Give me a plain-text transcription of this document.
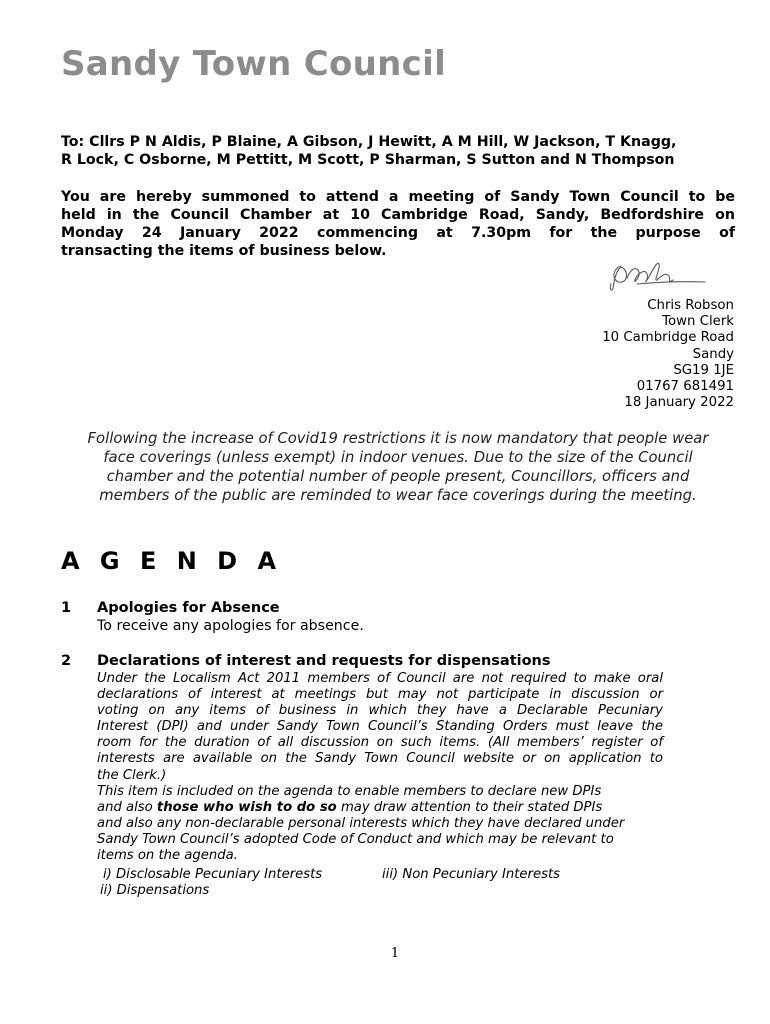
Sandy Town Council
To: Cllrs P N Aldis, P Blaine, A Gibson, J Hewitt, A M Hill, W Jackson, T Knagg,
R Lock, C Osborne, M Pettitt, M Scott, P Sharman, S Sutton and N Thompson
You are hereby summoned to attend a meeting of Sandy Town Council to be
held in the Council Chamber at 10 Cambridge Road, Sandy, Bedfordshire on
Monday 24 January 2022 commencing at 7.30pm for the purpose of
transacting the items of business below.
Chris Robson
Town Clerk
10 Cambridge Road
Sandy
SG19 1JE
01767 681491
18 January 2022
Following the increase of Covid19 restrictions it is now mandatory that people wear
face coverings (unless exempt) in indoor venues. Due to the size of the Council
chamber and the potential number of people present, Councillors, officers and
members of the public are reminded to wear face coverings during the meeting.
A G E N D A
1 Apologies for Absence
To receive any apologies for absence.
2 Declarations of interest and requests for dispensations
Under the Localism Act 2011 members of Council are not required to make oral
declarations of interest at meetings but may not participate in discussion or
voting on any items of business in which they have a Declarable Pecuniary
Interest (DPI) and under Sandy Town Council’s Standing Orders must leave the
room for the duration of all discussion on such items. (All members’ register of
interests are available on the Sandy Town Council website or on application to
the Clerk.)
This item is included on the agenda to enable members to declare new DPIs
and also those who wish to do so may draw attention to their stated DPIs
and also any non-declarable personal interests which they have declared under
Sandy Town Council’s adopted Code of Conduct and which may be relevant to
items on the agenda.
i) Disclosable Pecuniary Interests	iii) Non Pecuniary Interests
ii) Dispensations
1
